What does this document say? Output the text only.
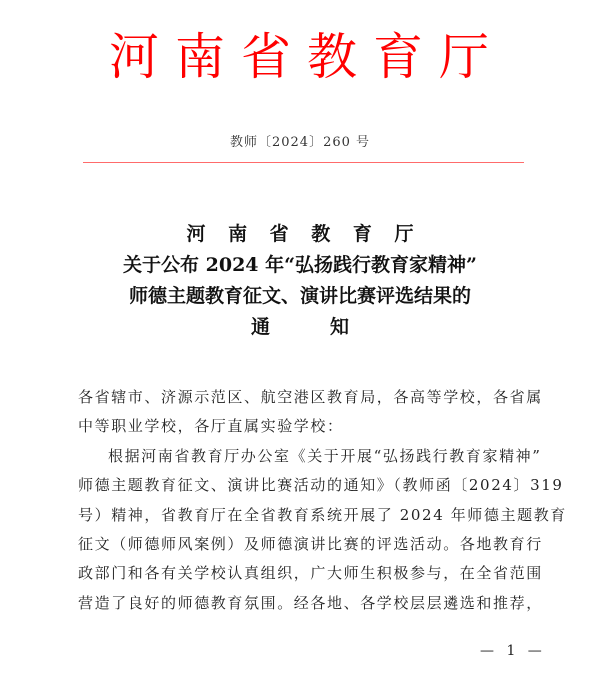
河南省教育厅
教师〔2024〕260 号
河 南 省 教 育 厅
关于公布 2024 年“弘扬践行教育家精神”
师德主题教育征文、演讲比赛评选结果的
通	知
各省辖市、济源示范区、航空港区教育局，各高等学校，各省属
中等职业学校，各厅直属实验学校：
根据河南省教育厅办公室《关于开展“弘扬践行教育家精神”
师德主题教育征文、演讲比赛活动的通知》（教师函〔2024〕319
号）精神，省教育厅在全省教育系统开展了 2024 年师德主题教育
征文（师德师风案例）及师德演讲比赛的评选活动。各地教育行
政部门和各有关学校认真组织，广大师生积极参与，在全省范围
营造了良好的师德教育氛围。经各地、各学校层层遴选和推荐，
— 1 —
